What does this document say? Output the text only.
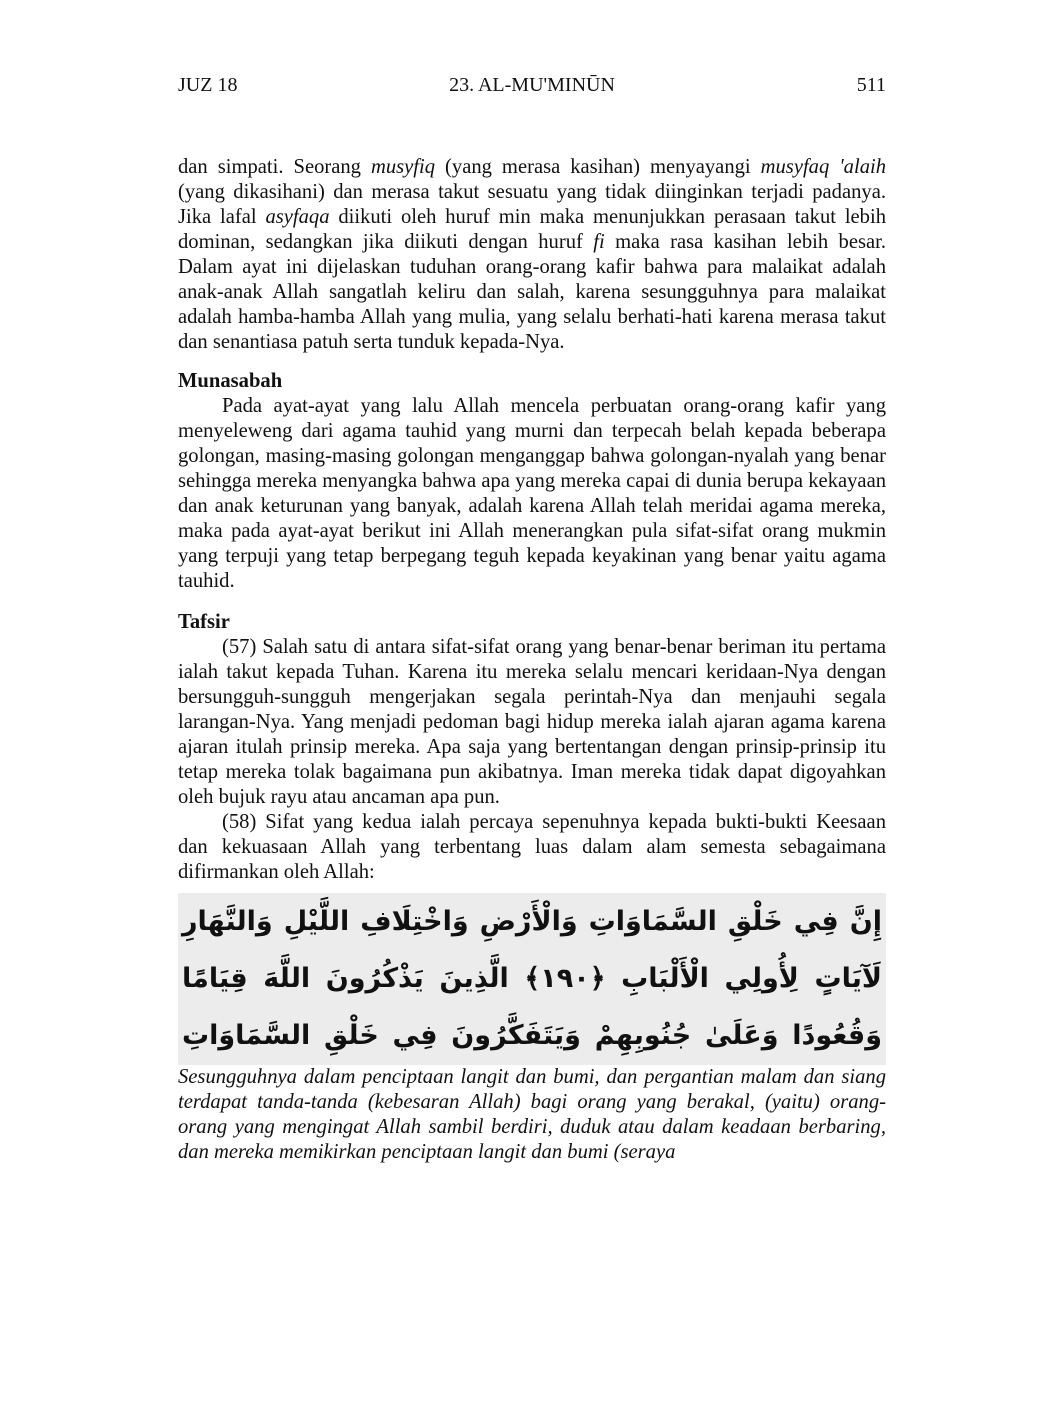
JUZ 18	23. AL-MU'MINŪN	511

dan simpati. Seorang musyfiq (yang merasa kasihan) menyayangi musyfaq 'alaih (yang dikasihani) dan merasa takut sesuatu yang tidak diinginkan terjadi padanya. Jika lafal asyfaqa diikuti oleh huruf min maka menunjukkan perasaan takut lebih dominan, sedangkan jika diikuti dengan huruf fi maka rasa kasihan lebih besar. Dalam ayat ini dijelaskan tuduhan orang-orang kafir bahwa para malaikat adalah anak-anak Allah sangatlah keliru dan salah, karena sesungguhnya para malaikat adalah hamba-hamba Allah yang mulia, yang selalu berhati-hati karena merasa takut dan senantiasa patuh serta tunduk kepada-Nya.

Munasabah

Pada ayat-ayat yang lalu Allah mencela perbuatan orang-orang kafir yang menyeleweng dari agama tauhid yang murni dan terpecah belah kepada beberapa golongan, masing-masing golongan menganggap bahwa golongan-nyalah yang benar sehingga mereka menyangka bahwa apa yang mereka capai di dunia berupa kekayaan dan anak keturunan yang banyak, adalah karena Allah telah meridai agama mereka, maka pada ayat-ayat berikut ini Allah menerangkan pula sifat-sifat orang mukmin yang terpuji yang tetap berpegang teguh kepada keyakinan yang benar yaitu agama tauhid.

Tafsir

(57) Salah satu di antara sifat-sifat orang yang benar-benar beriman itu pertama ialah takut kepada Tuhan. Karena itu mereka selalu mencari keridaan-Nya dengan bersungguh-sungguh mengerjakan segala perintah-Nya dan menjauhi segala larangan-Nya. Yang menjadi pedoman bagi hidup mereka ialah ajaran agama karena ajaran itulah prinsip mereka. Apa saja yang bertentangan dengan prinsip-prinsip itu tetap mereka tolak bagaimana pun akibatnya. Iman mereka tidak dapat digoyahkan oleh bujuk rayu atau ancaman apa pun.

(58) Sifat yang kedua ialah percaya sepenuhnya kepada bukti-bukti Keesaan dan kekuasaan Allah yang terbentang luas dalam alam semesta sebagaimana difirmankan oleh Allah:

إِنَّ فِي خَلْقِ السَّمَاوَاتِ وَالْأَرْضِ وَاخْتِلَافِ اللَّيْلِ وَالنَّهَارِ لَآيَاتٍ لِأُولِي الْأَلْبَابِ ﴿١٩٠﴾ الَّذِينَ يَذْكُرُونَ اللَّهَ قِيَامًا وَقُعُودًا وَعَلَىٰ جُنُوبِهِمْ وَيَتَفَكَّرُونَ فِي خَلْقِ السَّمَاوَاتِ

Sesungguhnya dalam penciptaan langit dan bumi, dan pergantian malam dan siang terdapat tanda-tanda (kebesaran Allah) bagi orang yang berakal, (yaitu) orang-orang yang mengingat Allah sambil berdiri, duduk atau dalam keadaan berbaring, dan mereka memikirkan penciptaan langit dan bumi (seraya
